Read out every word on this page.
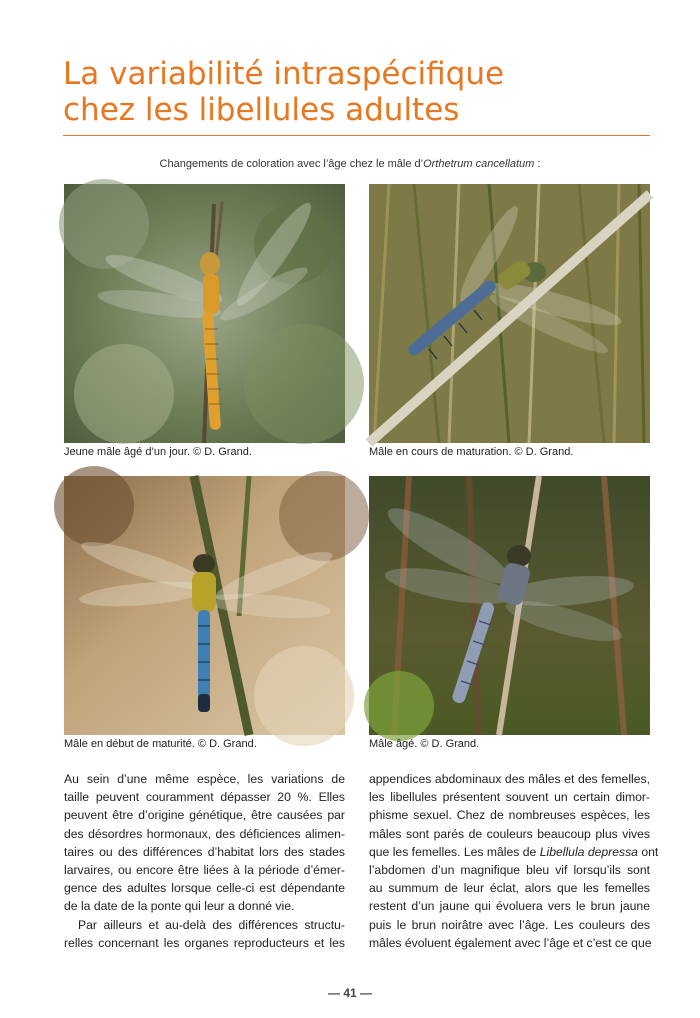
La variabilité intraspécifique
chez les libellules adultes
Changements de coloration avec l’âge chez le mâle d’Orthetrum cancellatum :
Jeune mâle âgé d’un jour. © D. Grand.	Mâle en cours de maturation. © D. Grand.
Mâle en début de maturité. © D. Grand.	Mâle âgé. © D. Grand.
Au sein d’une même espèce, les variations de
taille peuvent couramment dépasser 20 %. Elles
peuvent être d’origine génétique, être causées par
des désordres hormonaux, des déficiences alimen-
taires ou des différences d’habitat lors des stades
larvaires, ou encore être liées à la période d’émer-
gence des adultes lorsque celle-ci est dépendante
de la date de la ponte qui leur a donné vie.
Par ailleurs et au-delà des différences structu-
relles concernant les organes reproducteurs et les
appendices abdominaux des mâles et des femelles,
les libellules présentent souvent un certain dimor-
phisme sexuel. Chez de nombreuses espèces, les
mâles sont parés de couleurs beaucoup plus vives
que les femelles. Les mâles de Libellula depressa ont
l’abdomen d’un magnifique bleu vif lorsqu’ils sont
au summum de leur éclat, alors que les femelles
restent d’un jaune qui évoluera vers le brun jaune
puis le brun noirâtre avec l’âge. Les couleurs des
mâles évoluent également avec l’âge et c’est ce que
— 41 —
